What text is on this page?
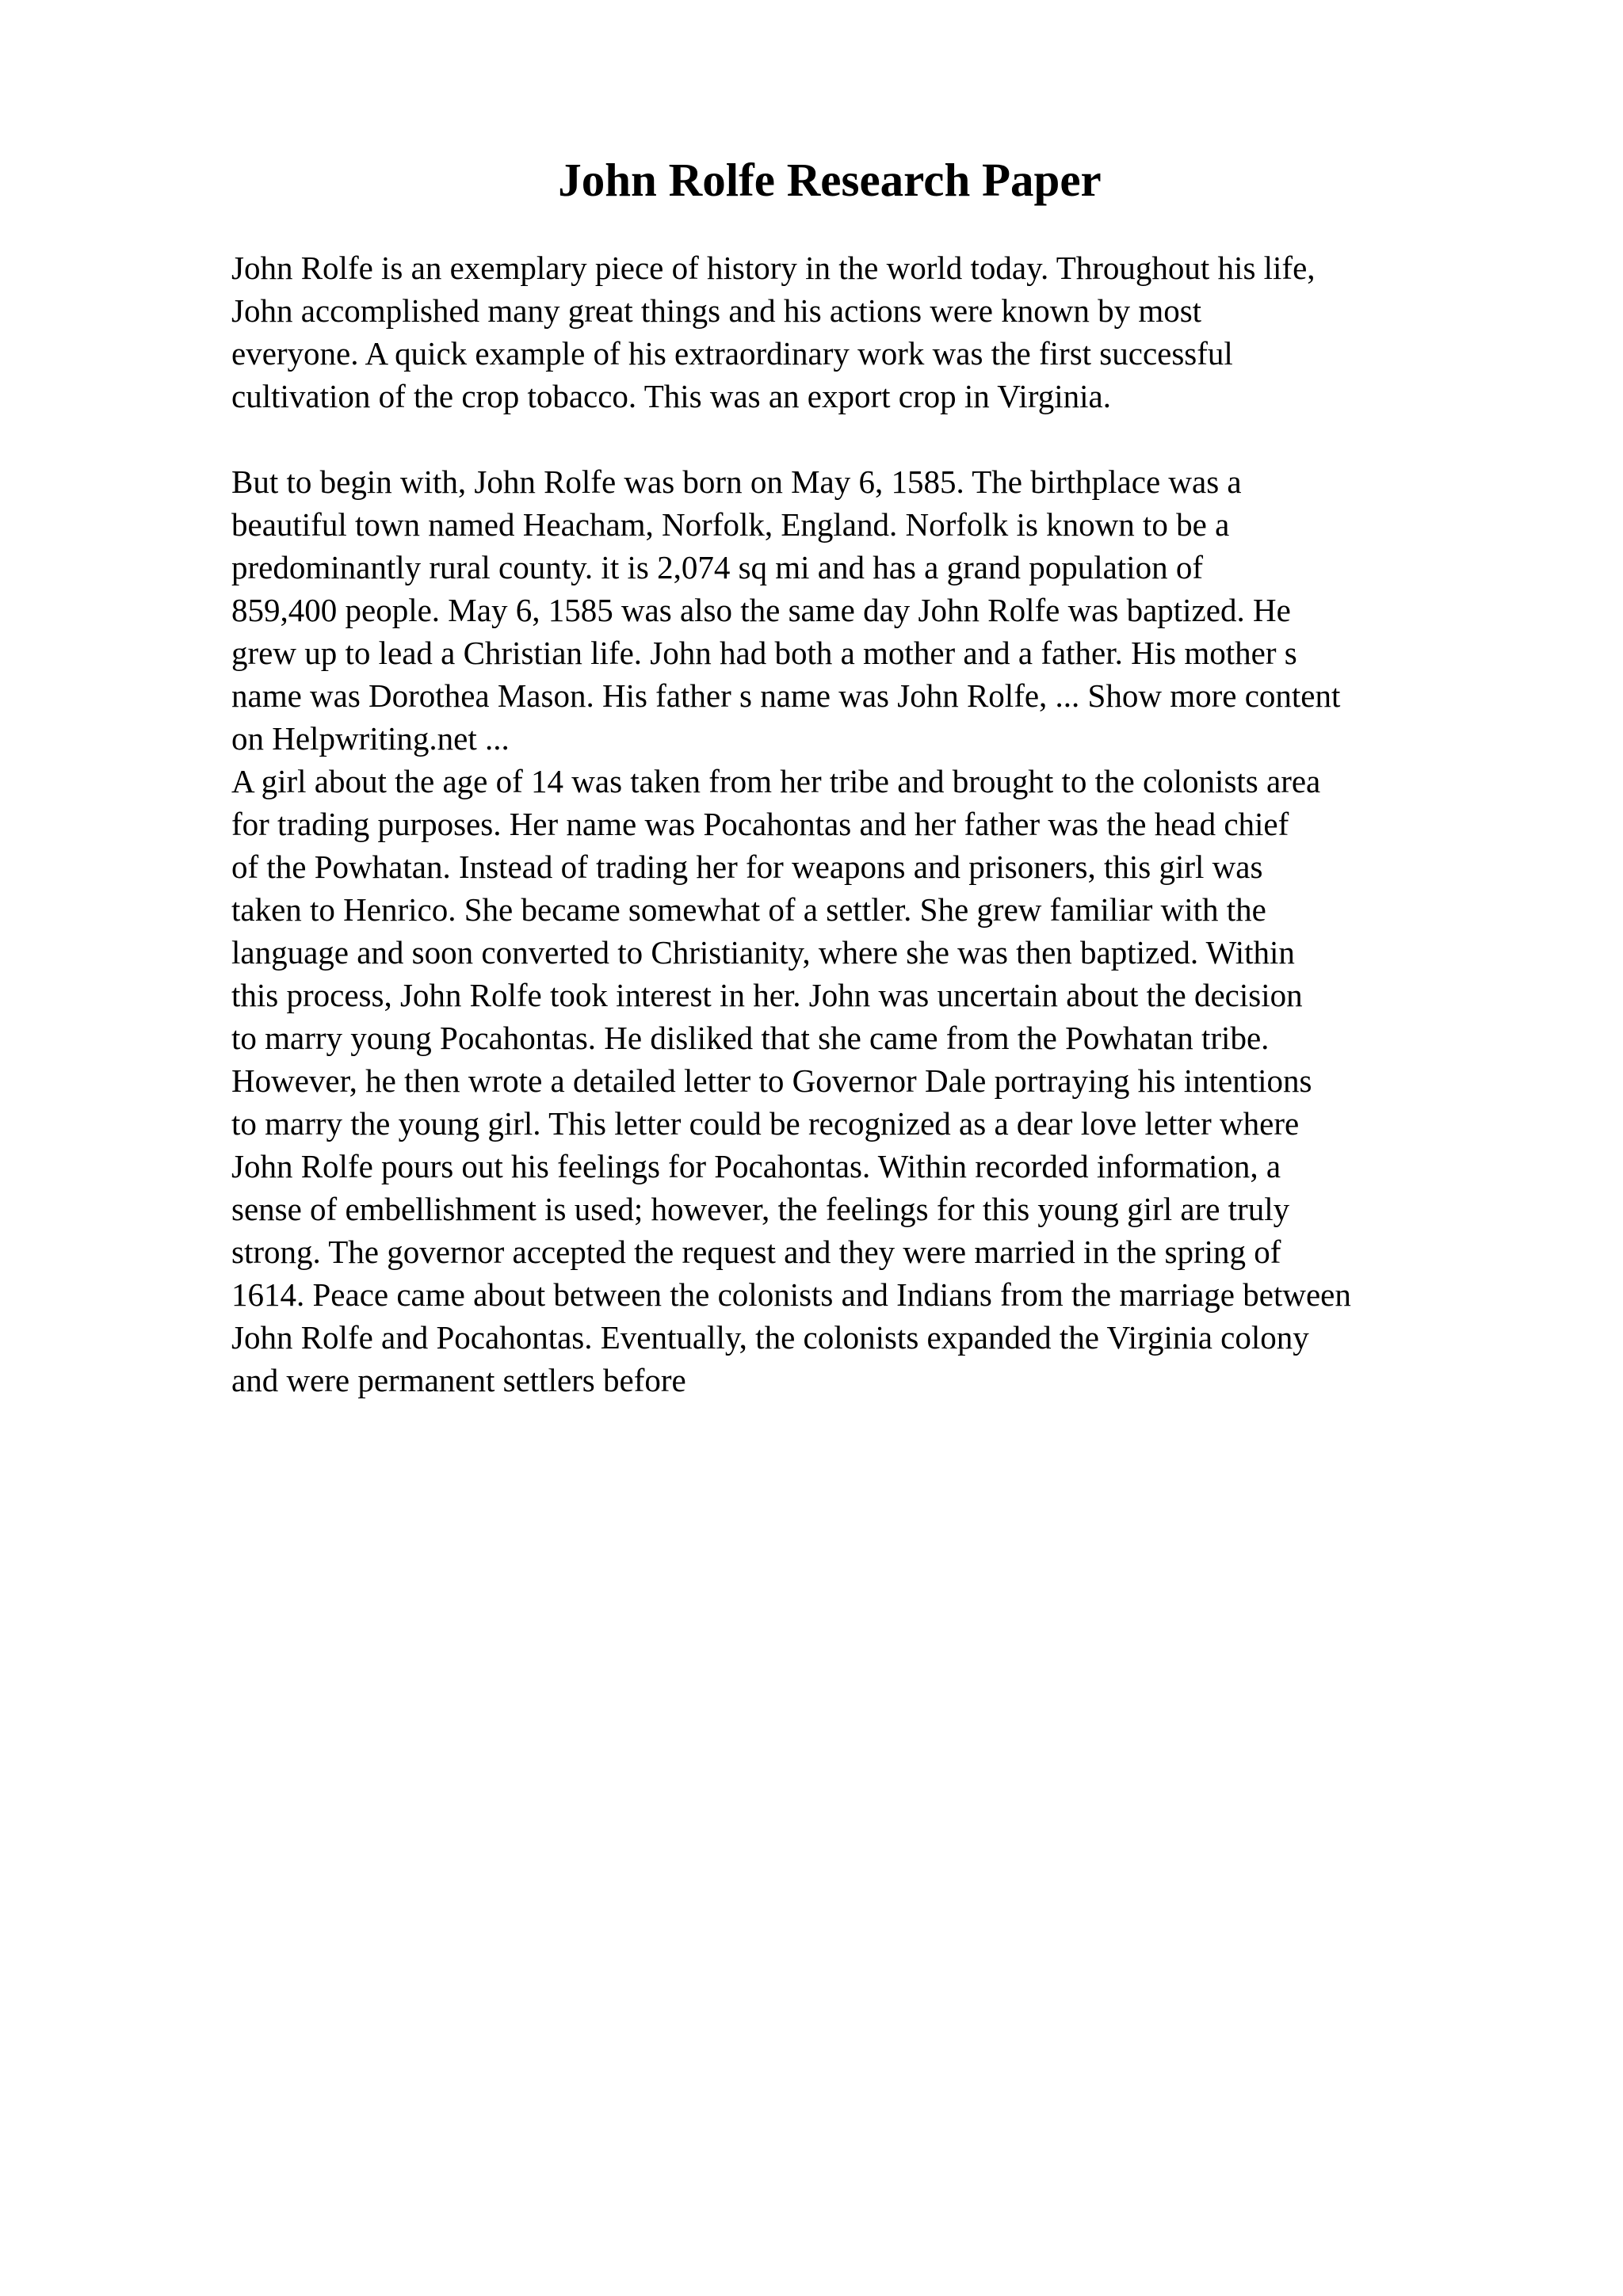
John Rolfe Research Paper
John Rolfe is an exemplary piece of history in the world today. Throughout his life,
John accomplished many great things and his actions were known by most
everyone. A quick example of his extraordinary work was the first successful
cultivation of the crop tobacco. This was an export crop in Virginia.
But to begin with, John Rolfe was born on May 6, 1585. The birthplace was a
beautiful town named Heacham, Norfolk, England. Norfolk is known to be a
predominantly rural county. it is 2,074 sq mi and has a grand population of
859,400 people. May 6, 1585 was also the same day John Rolfe was baptized. He
grew up to lead a Christian life. John had both a mother and a father. His mother s
name was Dorothea Mason. His father s name was John Rolfe, ... Show more content
on Helpwriting.net ...
A girl about the age of 14 was taken from her tribe and brought to the colonists area
for trading purposes. Her name was Pocahontas and her father was the head chief
of the Powhatan. Instead of trading her for weapons and prisoners, this girl was
taken to Henrico. She became somewhat of a settler. She grew familiar with the
language and soon converted to Christianity, where she was then baptized. Within
this process, John Rolfe took interest in her. John was uncertain about the decision
to marry young Pocahontas. He disliked that she came from the Powhatan tribe.
However, he then wrote a detailed letter to Governor Dale portraying his intentions
to marry the young girl. This letter could be recognized as a dear love letter where
John Rolfe pours out his feelings for Pocahontas. Within recorded information, a
sense of embellishment is used; however, the feelings for this young girl are truly
strong. The governor accepted the request and they were married in the spring of
1614. Peace came about between the colonists and Indians from the marriage between
John Rolfe and Pocahontas. Eventually, the colonists expanded the Virginia colony
and were permanent settlers before
